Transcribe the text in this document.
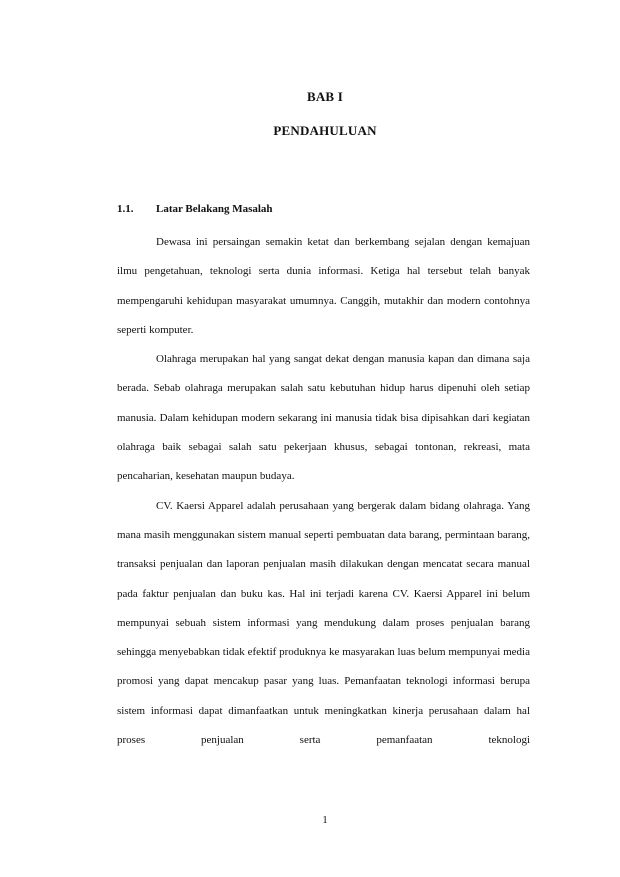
BAB I
PENDAHULUAN
1.1. Latar Belakang Masalah

Dewasa ini persaingan semakin ketat dan berkembang sejalan dengan kemajuan ilmu pengetahuan, teknologi serta dunia informasi. Ketiga hal tersebut telah banyak mempengaruhi kehidupan masyarakat umumnya. Canggih, mutakhir dan modern contohnya seperti komputer.

Olahraga merupakan hal yang sangat dekat dengan manusia kapan dan dimana saja berada. Sebab olahraga merupakan salah satu kebutuhan hidup harus dipenuhi oleh setiap manusia. Dalam kehidupan modern sekarang ini manusia tidak bisa dipisahkan dari kegiatan olahraga baik sebagai salah satu pekerjaan khusus, sebagai tontonan, rekreasi, mata pencaharian, kesehatan maupun budaya.

CV. Kaersi Apparel adalah perusahaan yang bergerak dalam bidang olahraga. Yang mana masih menggunakan sistem manual seperti pembuatan data barang, permintaan barang, transaksi penjualan dan laporan penjualan masih dilakukan dengan mencatat secara manual pada faktur penjualan dan buku kas. Hal ini terjadi karena CV. Kaersi Apparel ini belum mempunyai sebuah sistem informasi yang mendukung dalam proses penjualan barang sehingga menyebabkan tidak efektif produknya ke masyarakan luas belum mempunyai media promosi yang dapat mencakup pasar yang luas. Pemanfaatan teknologi informasi berupa sistem informasi dapat dimanfaatkan untuk meningkatkan kinerja perusahaan dalam hal proses penjualan serta pemanfaatan teknologi

1
